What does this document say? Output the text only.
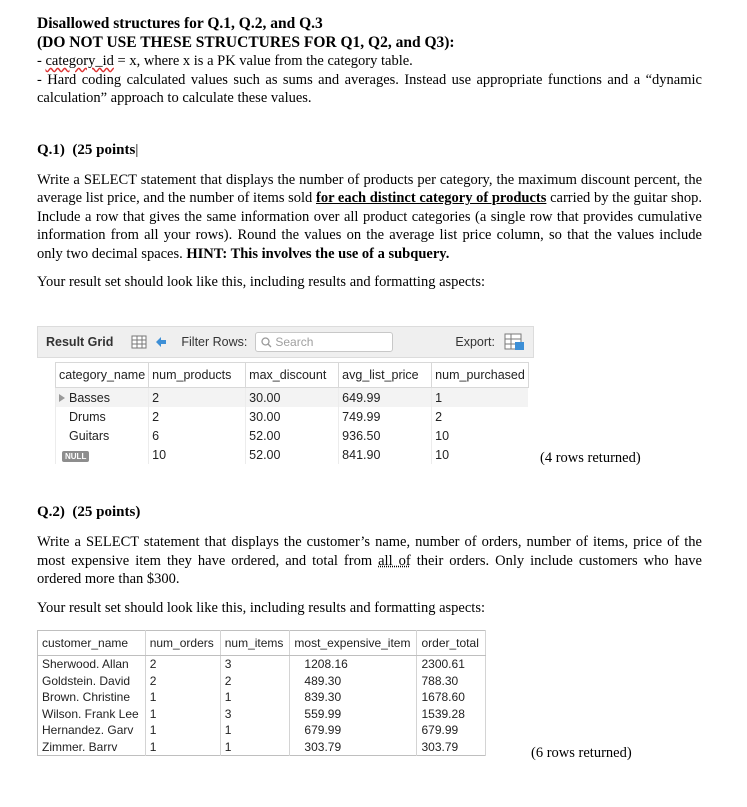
Disallowed structures for Q.1, Q.2, and Q.3
(DO NOT USE THESE STRUCTURES FOR Q1, Q2, and Q3):
- category_id = x, where x is a PK value from the category table.
- Hard coding calculated values such as sums and averages. Instead use appropriate functions and a “dynamic calculation” approach to calculate these values.
Q.1) (25 points|
Write a SELECT statement that displays the number of products per category, the maximum discount percent, the average list price, and the number of items sold for each distinct category of products carried by the guitar shop. Include a row that gives the same information over all product categories (a single row that provides cumulative information from all your rows). Round the values on the average list price column, so that the values include only two decimal spaces. HINT: This involves the use of a subquery.
Your result set should look like this, including results and formatting aspects:
Result Grid	Filter Rows: Search	Export:
category_name	num_products	max_discount	avg_list_price	num_purchased
Basses	2	30.00	649.99	1
Drums	2	30.00	749.99	2
Guitars	6	52.00	936.50	10
NULL	10	52.00	841.90	10	(4 rows returned)
Q.2) (25 points)
Write a SELECT statement that displays the customer’s name, number of orders, number of items, price of the most expensive item they have ordered, and total from all of their orders. Only include customers who have ordered more than $300.
Your result set should look like this, including results and formatting aspects:
customer_name	num_orders	num_items	most_expensive_item	order_total
Sherwood. Allan	2	3	1208.16	2300.61
Goldstein. David	2	2	489.30	788.30
Brown. Christine	1	1	839.30	1678.60
Wilson. Frank Lee	1	3	559.99	1539.28
Hernandez. Garv	1	1	679.99	679.99
Zimmer. Barrv	1	1	303.79	303.79	(6 rows returned)
